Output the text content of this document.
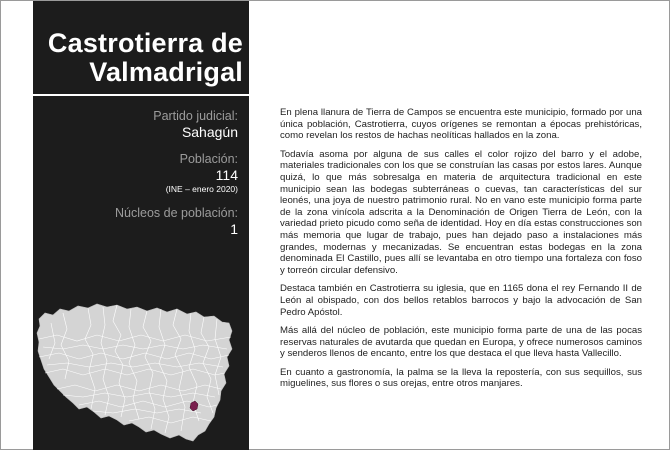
Castrotierra de
Valmadrigal
Partido judicial:
Sahagún
Población:
114
(INE – enero 2020)
Núcleos de población:
1

En plena llanura de Tierra de Campos se encuentra este municipio, formado por una única población, Castrotierra, cuyos orígenes se remontan a épocas prehistóricas, como revelan los restos de hachas neolíticas hallados en la zona.

Todavía asoma por alguna de sus calles el color rojizo del barro y el adobe, materiales tradicionales con los que se construían las casas por estos lares. Aunque quizá, lo que más sobresalga en materia de arquitectura tradicional en este municipio sean las bodegas subterráneas o cuevas, tan características del sur leonés, una joya de nuestro patrimonio rural. No en vano este municipio forma parte de la zona vinícola adscrita a la Denominación de Origen Tierra de León, con la variedad prieto picudo como seña de identidad. Hoy en día estas construcciones son más memoria que lugar de trabajo, pues han dejado paso a instalaciones más grandes, modernas y mecanizadas. Se encuentran estas bodegas en la zona denominada El Castillo, pues allí se levantaba en otro tiempo una fortaleza con foso y torreón circular defensivo.

Destaca también en Castrotierra su iglesia, que en 1165 dona el rey Fernando II de León al obispado, con dos bellos retablos barrocos y bajo la advocación de San Pedro Apóstol.

Más allá del núcleo de población, este municipio forma parte de una de las pocas reservas naturales de avutarda que quedan en Europa, y ofrece numerosos caminos y senderos llenos de encanto, entre los que destaca el que lleva hasta Vallecillo.

En cuanto a gastronomía, la palma se la lleva la repostería, con sus sequillos, sus miguelines, sus flores o sus orejas, entre otros manjares.
